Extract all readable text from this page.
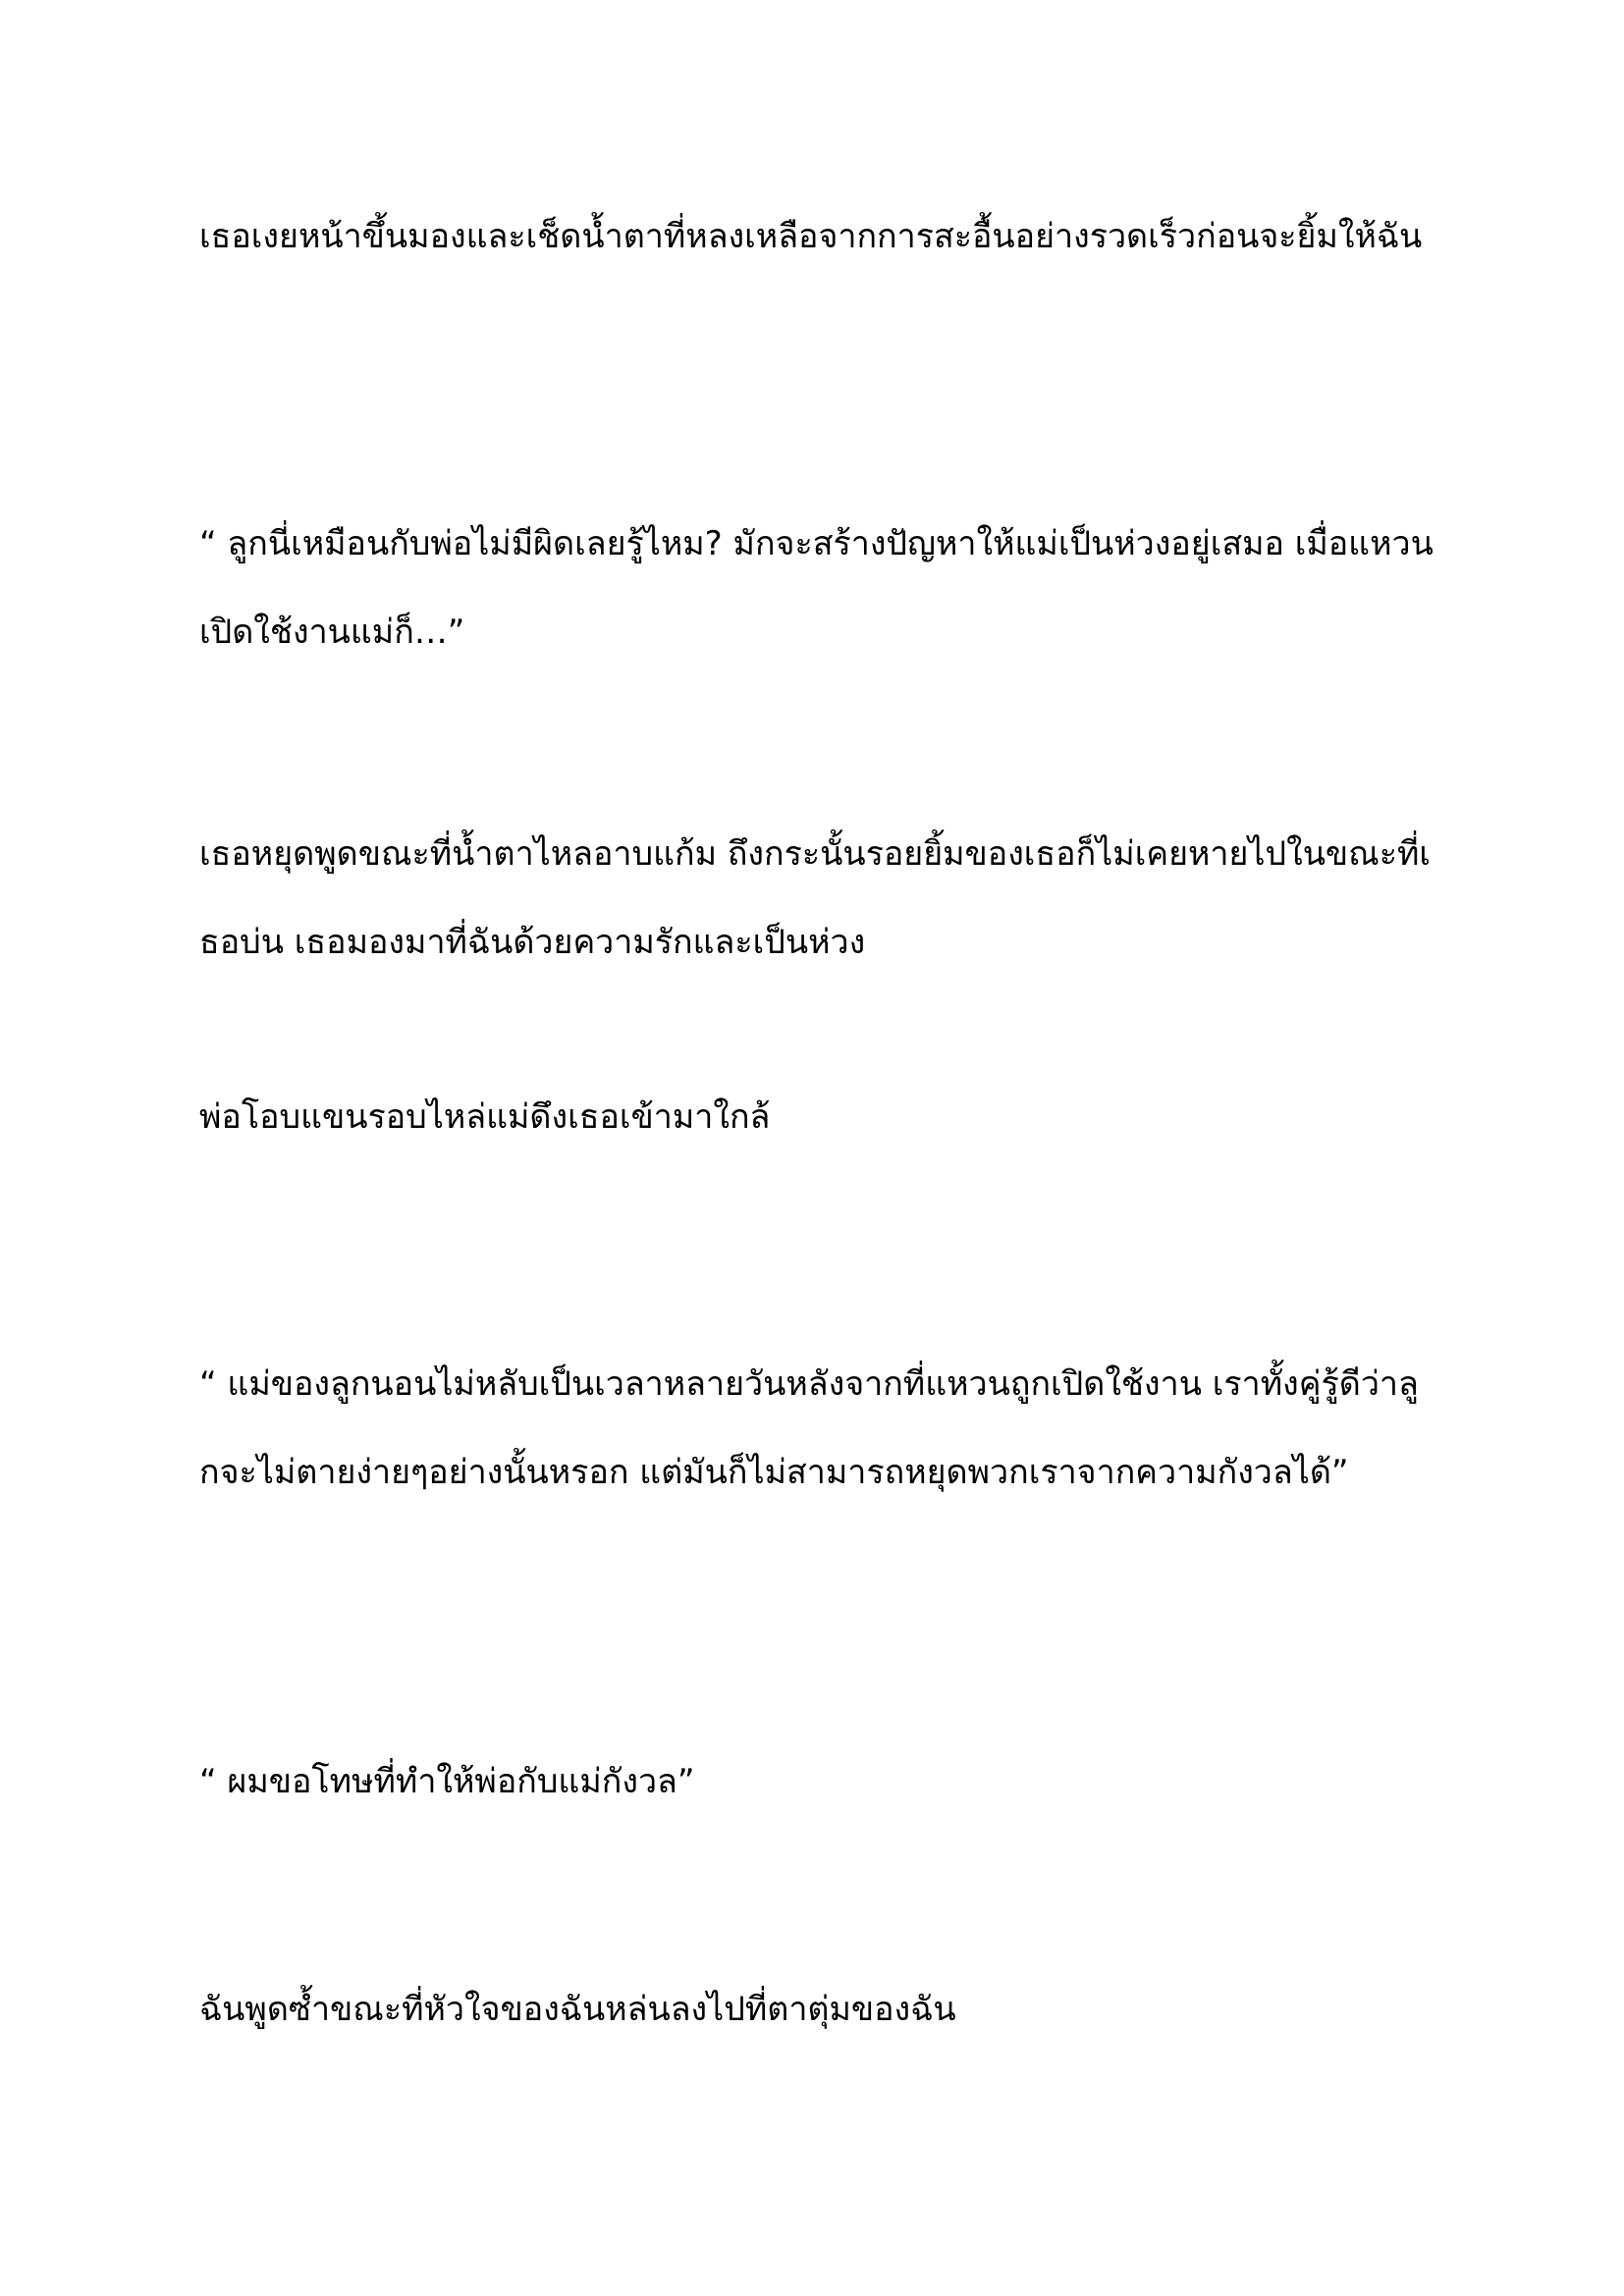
เธอเงยหน้าขึ้นมองและเช็ดน้ำตาที่หลงเหลือจากการสะอื้นอย่างรวดเร็วก่อนจะยิ้มให้ฉัน

“ ลูกนี่เหมือนกับพ่อไม่มีผิดเลยรู้ไหม? มักจะสร้างปัญหาให้แม่เป็นห่วงอยู่เสมอ เมื่อแหวนเปิดใช้งานแม่ก็…”

เธอหยุดพูดขณะที่น้ำตาไหลอาบแก้ม ถึงกระนั้นรอยยิ้มของเธอก็ไม่เคยหายไปในขณะที่เธอบ่น เธอมองมาที่ฉันด้วยความรักและเป็นห่วง

พ่อโอบแขนรอบไหล่แม่ดึงเธอเข้ามาใกล้

“ แม่ของลูกนอนไม่หลับเป็นเวลาหลายวันหลังจากที่แหวนถูกเปิดใช้งาน เราทั้งคู่รู้ดีว่าลูกจะไม่ตายง่ายๆอย่างนั้นหรอก แต่มันก็ไม่สามารถหยุดพวกเราจากความกังวลได้”

“ ผมขอโทษที่ทำให้พ่อกับแม่กังวล”

ฉันพูดซ้ำขณะที่หัวใจของฉันหล่นลงไปที่ตาตุ่มของฉัน
